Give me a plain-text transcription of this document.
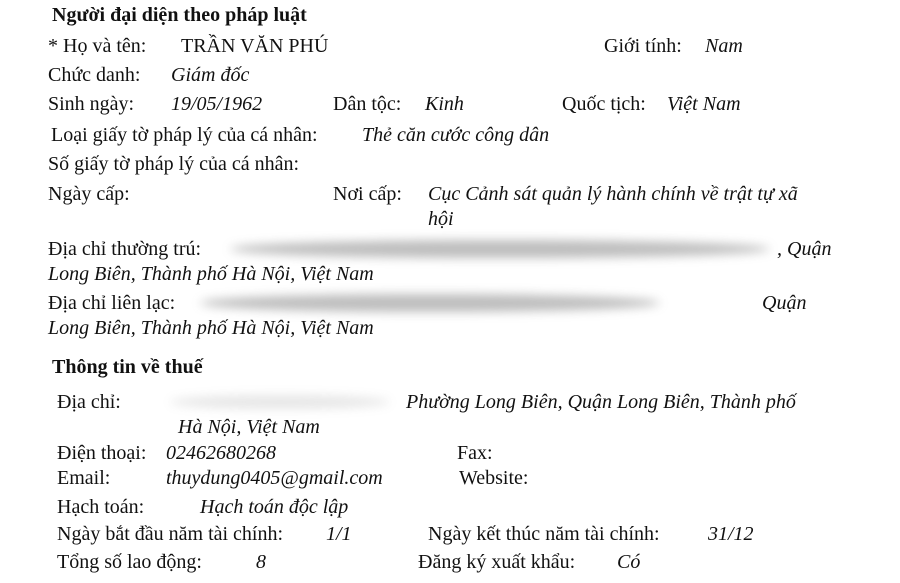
Người đại diện theo pháp luật
* Họ và tên: TRẦN VĂN PHÚ	Giới tính: Nam
Chức danh: Giám đốc
Sinh ngày: 19/05/1962	Dân tộc: Kinh	Quốc tịch: Việt Nam
Loại giấy tờ pháp lý của cá nhân: Thẻ căn cước công dân
Số giấy tờ pháp lý của cá nhân:
Ngày cấp:	Nơi cấp: Cục Cảnh sát quản lý hành chính về trật tự xã
hội
Địa chỉ thường trú:	, Quận
Long Biên, Thành phố Hà Nội, Việt Nam
Địa chỉ liên lạc:	Quận
Long Biên, Thành phố Hà Nội, Việt Nam
Thông tin về thuế
Địa chỉ:	Phường Long Biên, Quận Long Biên, Thành phố
Hà Nội, Việt Nam
Điện thoại: 02462680268	Fax:
Email:	thuydung0405@gmail.com	Website:
Hạch toán:	Hạch toán độc lập
Ngày bắt đầu năm tài chính: 1/1	Ngày kết thúc năm tài chính: 31/12
Tổng số lao động:	8	Đăng ký xuất khẩu: Có
